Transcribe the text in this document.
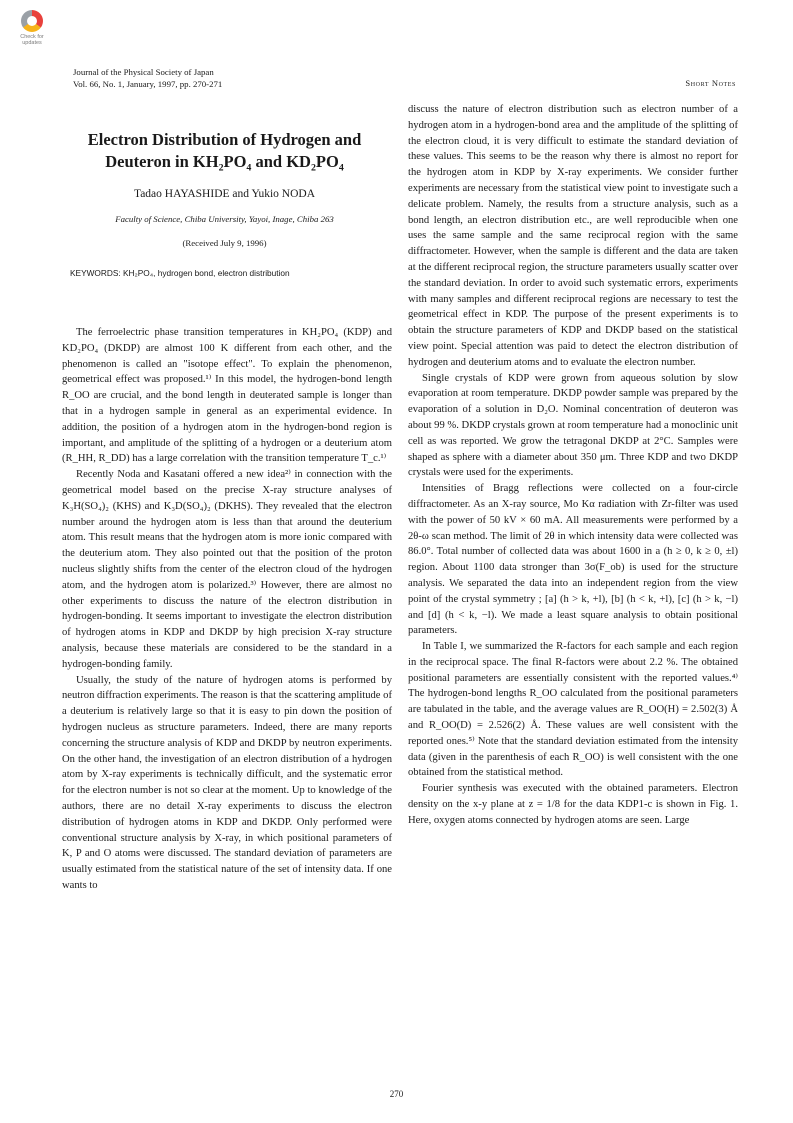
Check for updates
Journal of the Physical Society of Japan
Vol. 66, No. 1, January, 1997, pp. 270-271	Short Notes
Electron Distribution of Hydrogen and
Deuteron in KH₂PO₄ and KD₂PO₄
Tadao HAYASHIDE and Yukio NODA
Faculty of Science, Chiba University, Yayoi, Inage, Chiba 263
(Received July 9, 1996)
KEYWORDS: KH₂PO₄, hydrogen bond, electron distribution

The ferroelectric phase transition temperatures in KH₂PO₄ (KDP) and KD₂PO₄ (DKDP) are almost 100 K different from each other, and the phenomenon is called an "isotope effect". To explain the phenomenon, geometrical effect was proposed.¹⁾ In this model, the hydrogen-bond length R_OO are crucial, and the bond length in deuterated sample is longer than that in a hydrogen sample in general as an experimental evidence. In addition, the position of a hydrogen atom in the hydrogen-bond region is important, and amplitude of the splitting of a hydrogen or a deuterium atom (R_HH, R_DD) has a large correlation with the transition temperature T_c.¹⁾

Recently Noda and Kasatani offered a new idea²⁾ in connection with the geometrical model based on the precise X-ray structure analyses of K₃H(SO₄)₂ (KHS) and K₃D(SO₄)₂ (DKHS). They revealed that the electron number around the hydrogen atom is less than that around the deuterium atom. This result means that the hydrogen atom is more ionic compared with the deuterium atom. They also pointed out that the position of the proton nucleus slightly shifts from the center of the electron cloud of the hydrogen atom, and the hydrogen atom is polarized.³⁾ However, there are almost no other experiments to discuss the nature of the electron distribution in hydrogen-bonding. It seems important to investigate the electron distribution of hydrogen atoms in KDP and DKDP by high precision X-ray structure analysis, because these materials are considered to be the standard in a hydrogen-bonding family.

Usually, the study of the nature of hydrogen atoms is performed by neutron diffraction experiments. The reason is that the scattering amplitude of a deuterium is relatively large so that it is easy to pin down the position of hydrogen nucleus as structure parameters. Indeed, there are many reports concerning the structure analysis of KDP and DKDP by neutron experiments. On the other hand, the investigation of an electron distribution of a hydrogen atom by X-ray experiments is technically difficult, and the systematic error for the electron number is not so clear at the moment. Up to knowledge of the authors, there are no detail X-ray experiments to discuss the electron distribution of hydrogen atoms in KDP and DKDP. Only performed were conventional structure analysis by X-ray, in which positional parameters of K, P and O atoms were discussed. The standard deviation of parameters are usually estimated from the statistical nature of the set of intensity data. If one wants to

discuss the nature of electron distribution such as electron number of a hydrogen atom in a hydrogen-bond area and the amplitude of the splitting of the electron cloud, it is very difficult to estimate the standard deviation of these values. This seems to be the reason why there is almost no report for the hydrogen atom in KDP by X-ray experiments. We consider further experiments are necessary from the statistical view point to investigate such a delicate problem. Namely, the results from a structure analysis, such as a bond length, an electron distribution etc., are well reproducible when one uses the same sample and the same reciprocal region with the same diffractometer. However, when the sample is different and the data are taken at the different reciprocal region, the structure parameters usually scatter over the standard deviation. In order to avoid such systematic errors, experiments with many samples and different reciprocal regions are necessary to test the geometrical effect in KDP. The purpose of the present experiments is to obtain the structure parameters of KDP and DKDP based on the statistical view point. Special attention was paid to detect the electron distribution of hydrogen and deuterium atoms and to evaluate the electron number.

Single crystals of KDP were grown from aqueous solution by slow evaporation at room temperature. DKDP powder sample was prepared by the evaporation of a solution in D₂O. Nominal concentration of deuteron was about 99 %. DKDP crystals grown at room temperature had a monoclinic unit cell as was reported. We grow the tetragonal DKDP at 2°C. Samples were shaped as sphere with a diameter about 350 μm. Three KDP and two DKDP crystals were used for the experiments.

Intensities of Bragg reflections were collected on a four-circle diffractometer. As an X-ray source, Mo Kα radiation with Zr-filter was used with the power of 50 kV × 60 mA. All measurements were performed by a 2θ-ω scan method. The limit of 2θ in which intensity data were collected was 86.0°. Total number of collected data was about 1600 in a (h ≥ 0, k ≥ 0, ±l) region. About 1100 data stronger than 3σ(F_ob) is used for the structure analysis. We separated the data into an independent region from the view point of the crystal symmetry ; [a] (h > k, +l), [b] (h < k, +l), [c] (h > k, −l) and [d] (h < k, −l). We made a least square analysis to obtain positional parameters.

In Table I, we summarized the R-factors for each sample and each region in the reciprocal space. The final R-factors were about 2.2 %. The obtained positional parameters are essentially consistent with the reported values.⁴⁾ The hydrogen-bond lengths R_OO calculated from the positional parameters are tabulated in the table, and the average values are R_OO(H) = 2.502(3) Å and R_OO(D) = 2.526(2) Å. These values are well consistent with the reported ones.⁵⁾ Note that the standard deviation estimated from the intensity data (given in the parenthesis of each R_OO) is well consistent with the one obtained from the statistical method.

Fourier synthesis was executed with the obtained parameters. Electron density on the x-y plane at z = 1/8 for the data KDP1-c is shown in Fig. 1. Here, oxygen atoms connected by hydrogen atoms are seen. Large

270
